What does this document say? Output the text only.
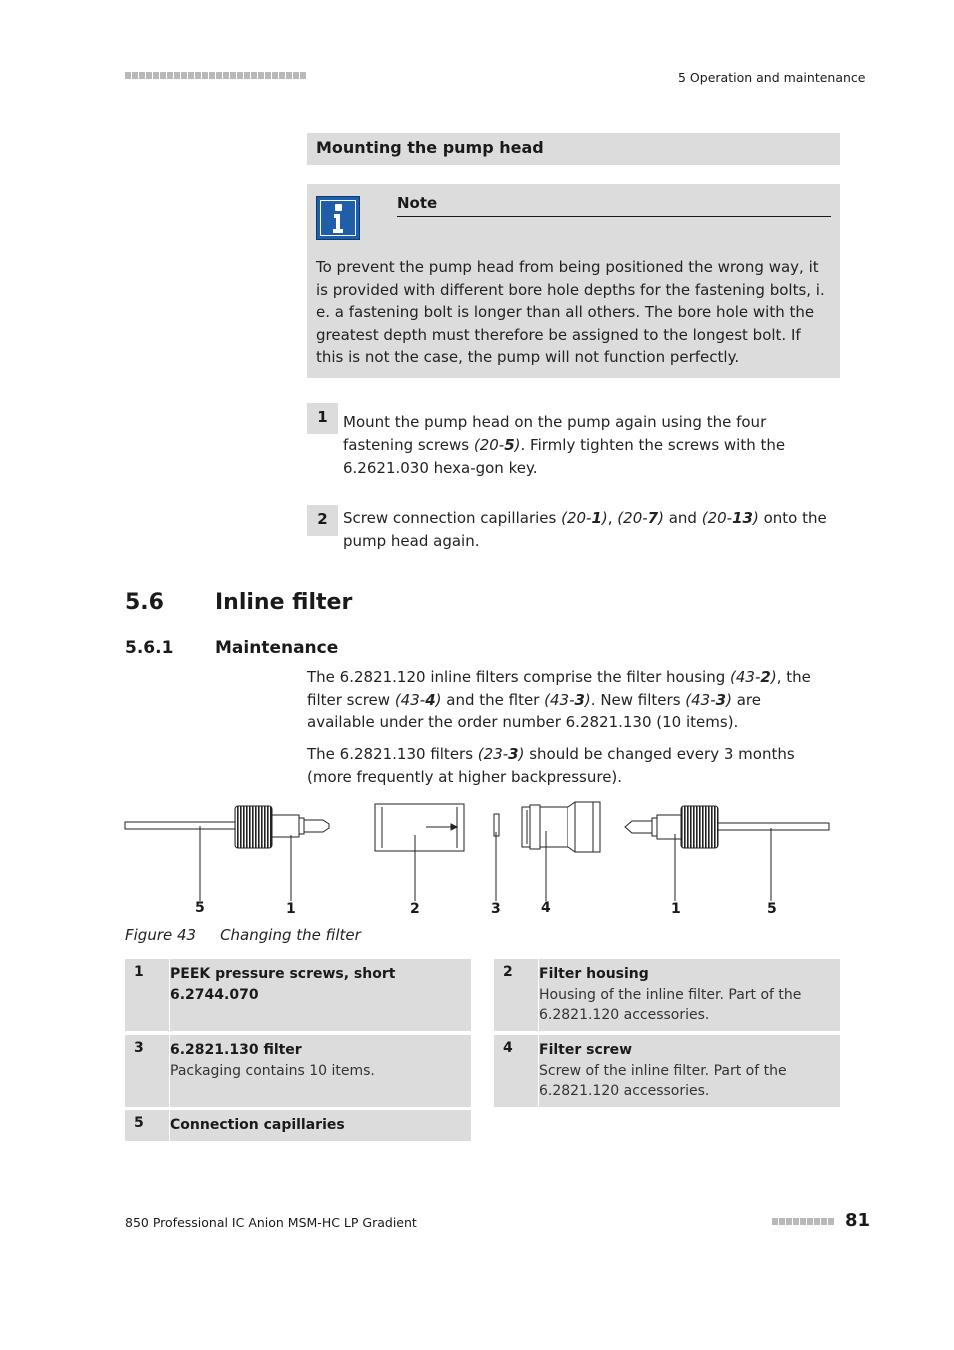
5 Operation and maintenance
Mounting the pump head
Note
To prevent the pump head from being positioned the wrong way, it is provided with different bore hole depths for the fastening bolts, i. e. a fastening bolt is longer than all others. The bore hole with the greatest depth must therefore be assigned to the longest bolt. If this is not the case, the pump will not function perfectly.
1	Mount the pump head on the pump again using the four fastening screws (20-5). Firmly tighten the screws with the 6.2621.030 hexa-gon key.
2	Screw connection capillaries (20-1), (20-7) and (20-13) onto the pump head again.
5.6 Inline filter
5.6.1 Maintenance
The 6.2821.120 inline filters comprise the filter housing (43-2), the filter screw (43-4) and the flter (43-3). New filters (43-3) are available under the order number 6.2821.130 (10 items).
The 6.2821.130 filters (23-3) should be changed every 3 months (more frequently at higher backpressure).
5	1	2	3	4	1	5
Figure 43 Changing the filter
1 PEEK pressure screws, short 6.2744.070
2 Filter housing
Housing of the inline filter. Part of the 6.2821.120 accessories.
3 6.2821.130 filter
Packaging contains 10 items.
4 Filter screw
Screw of the inline filter. Part of the 6.2821.120 accessories.
5 Connection capillaries
850 Professional IC Anion MSM-HC LP Gradient	81
